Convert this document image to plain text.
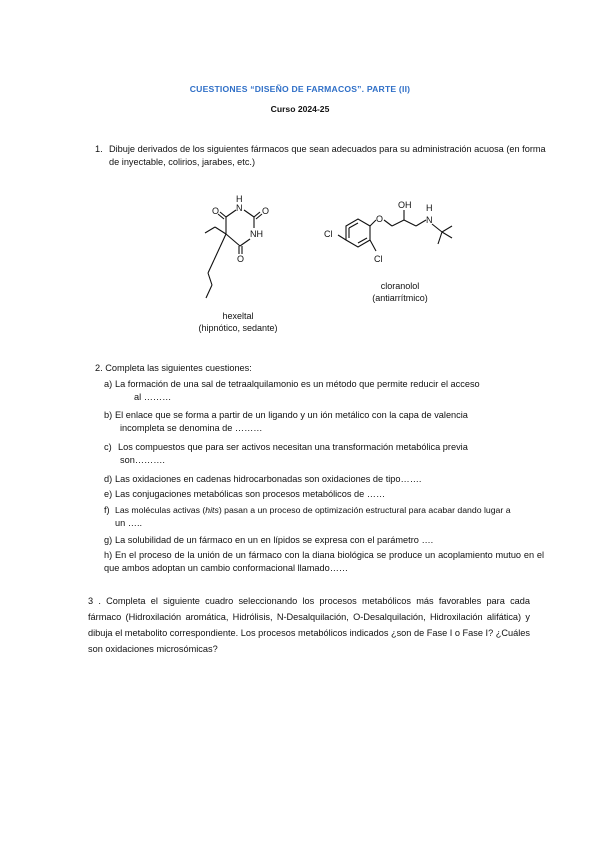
CUESTIONES “DISEÑO DE FARMACOS”. PARTE (II)
Curso 2024-25
1. Dibuje derivados de los siguientes fármacos que sean adecuados para su administración acuosa (en forma de inyectable, colirios, jarabes, etc.)
O N
H
O
NH
O
hexeltal
(hipnótico, sedante)
Cl
O
OH H
N
Cl
cloranolol
(antiarrítmico)
2. Completa las siguientes cuestiones:
a) La formación de una sal de tetraalquilamonio es un método que permite reducir el acceso
al ………
b) El enlace que se forma a partir de un ligando y un ión metálico con la capa de valencia
incompleta se denomina de ………
c) Los compuestos que para ser activos necesitan una transformación metabólica previa
son……….
d) Las oxidaciones en cadenas hidrocarbonadas son oxidaciones de tipo…….
e) Las conjugaciones metabólicas son procesos metabólicos de ……
f) Las moléculas activas (hits) pasan a un proceso de optimización estructural para acabar dando lugar a
un …..
g) La solubilidad de un fármaco en un en lípidos se expresa con el parámetro ….
h) En el proceso de la unión de un fármaco con la diana biológica se produce un acoplamiento mutuo en el que ambos adoptan un cambio conformacional llamado……
3 . Completa el siguiente cuadro seleccionando los procesos metabólicos más favorables para cada fármaco (Hidroxilación aromática, Hidrólisis, N-Desalquilación, O-Desalquilación, Hidroxilación alifática) y dibuja el metabolito correspondiente. Los procesos metabólicos indicados ¿son de Fase I o Fase I? ¿Cuáles son oxidaciones microsómicas?
